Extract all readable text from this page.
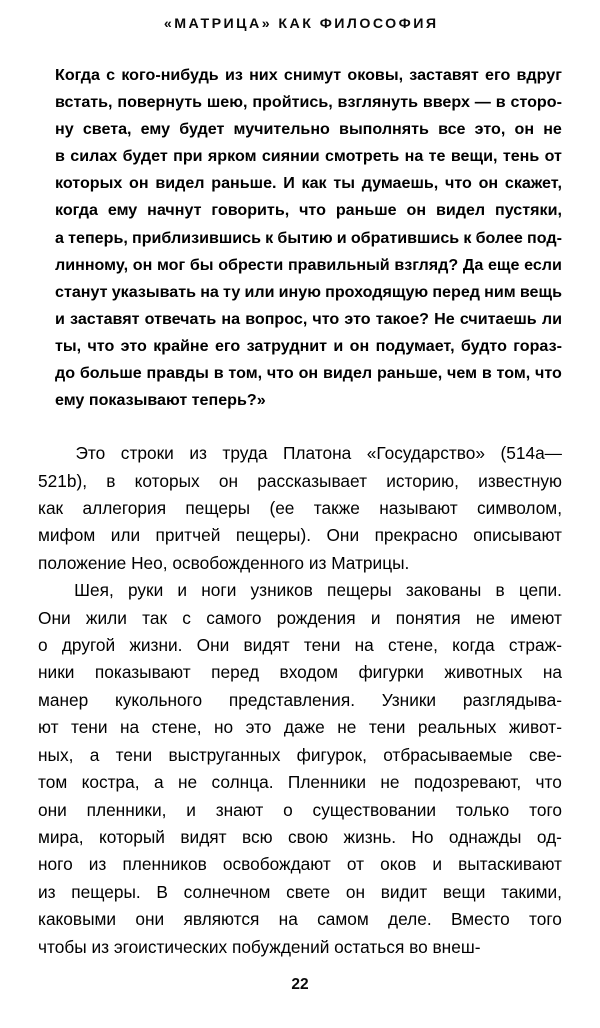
«МАТРИЦА» КАК ФИЛОСОФИЯ
Когда с кого-нибудь из них снимут оковы, заставят его вдруг
встать, повернуть шею, пройтись, взглянуть вверх — в сторо-
ну света, ему будет мучительно выполнять все это, он не
в силах будет при ярком сиянии смотреть на те вещи, тень от
которых он видел раньше. И как ты думаешь, что он скажет,
когда ему начнут говорить, что раньше он видел пустяки,
а теперь, приблизившись к бытию и обратившись к более под-
линному, он мог бы обрести правильный взгляд? Да еще если
станут указывать на ту или иную проходящую перед ним вещь
и заставят отвечать на вопрос, что это такое? Не считаешь ли
ты, что это крайне его затруднит и он подумает, будто гораз-
до больше правды в том, что он видел раньше, чем в том, что
ему показывают теперь?»

Это строки из труда Платона «Государство» (514а—
521b), в которых он рассказывает историю, известную
как аллегория пещеры (ее также называют символом,
мифом или притчей пещеры). Они прекрасно описывают
положение Нео, освобожденного из Матрицы.

Шея, руки и ноги узников пещеры закованы в цепи.
Они жили так с самого рождения и понятия не имеют
о другой жизни. Они видят тени на стене, когда страж-
ники показывают перед входом фигурки животных на
манер кукольного представления. Узники разглядыва-
ют тени на стене, но это даже не тени реальных живот-
ных, а тени выструганных фигурок, отбрасываемые све-
том костра, а не солнца. Пленники не подозревают, что
они пленники, и знают о существовании только того
мира, который видят всю свою жизнь. Но однажды од-
ного из пленников освобождают от оков и вытаскивают
из пещеры. В солнечном свете он видит вещи такими,
каковыми они являются на самом деле. Вместо того
чтобы из эгоистических побуждений остаться во внеш-

22
